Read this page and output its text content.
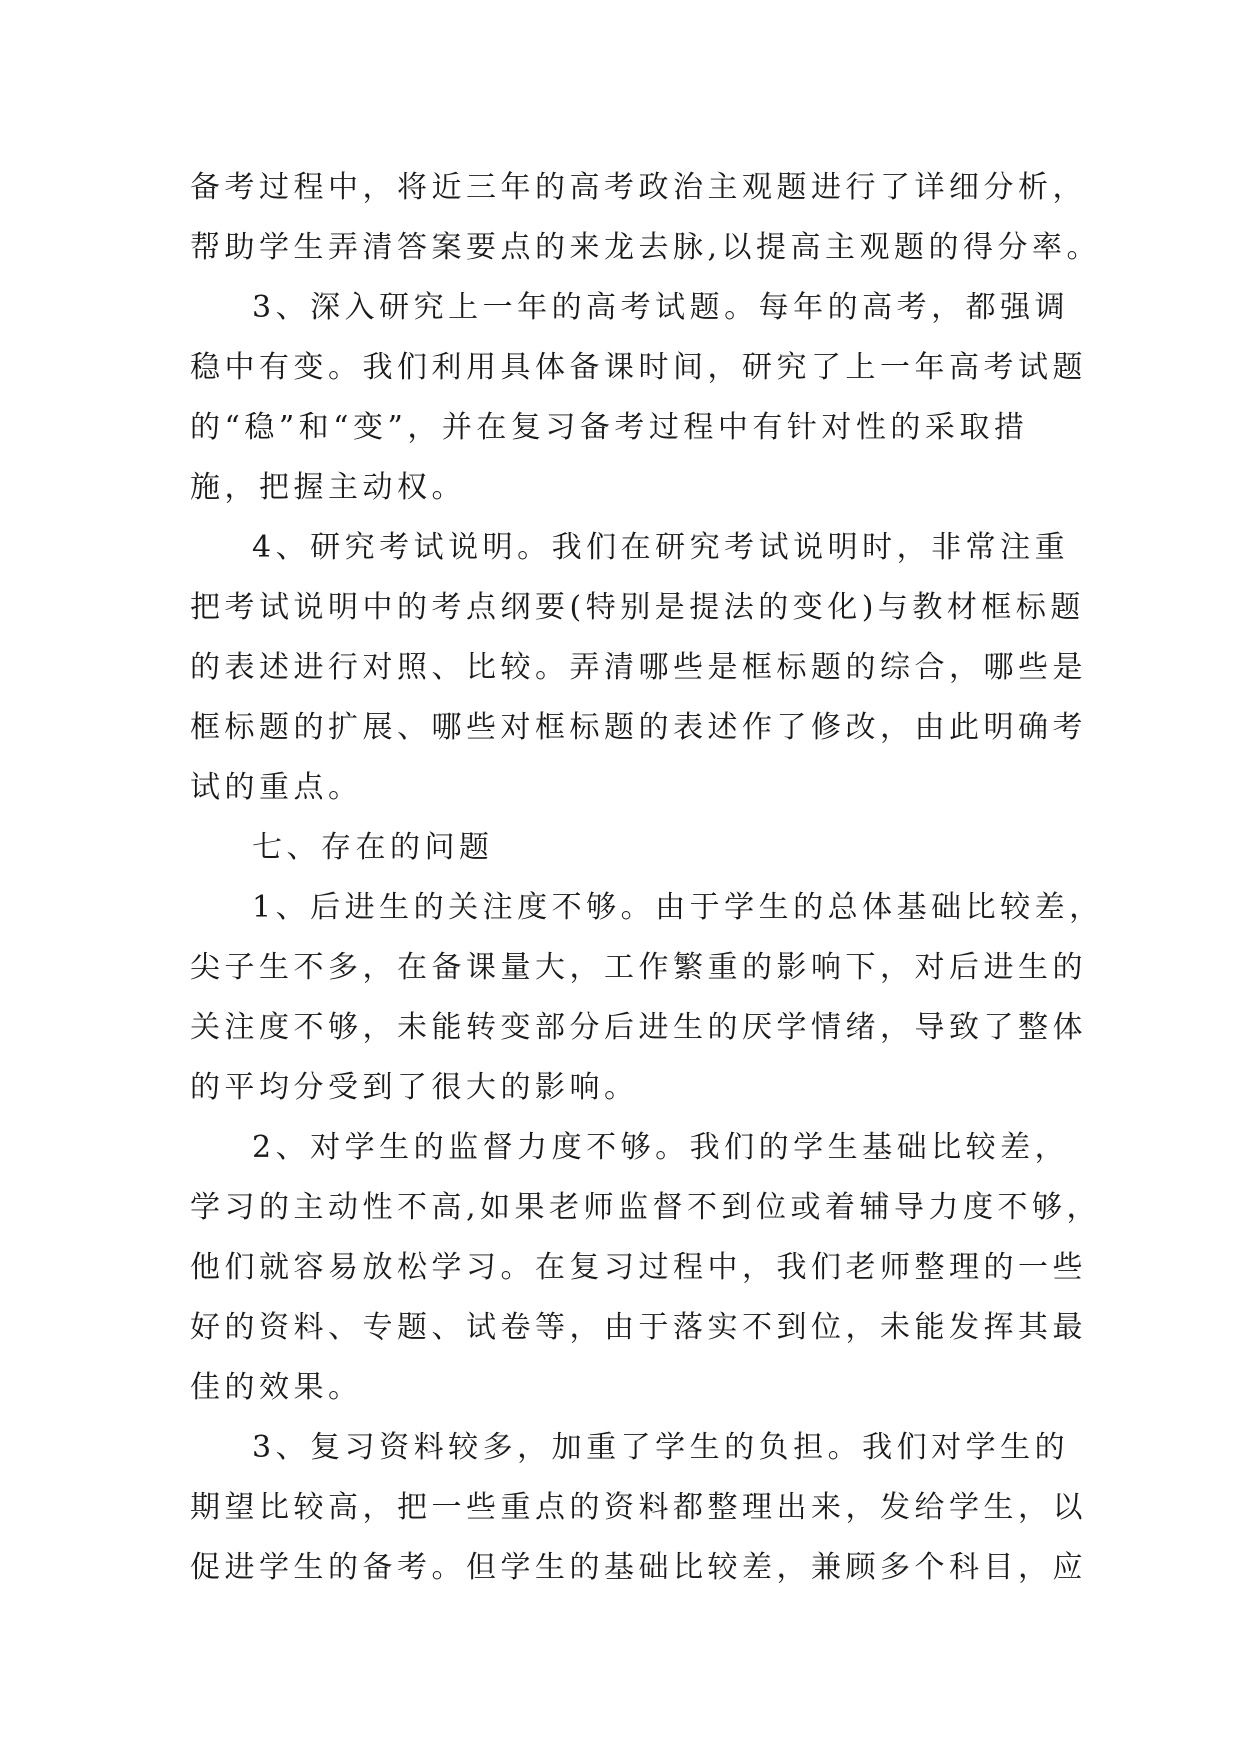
备考过程中，将近三年的高考政治主观题进行了详细分析，
帮助学生弄清答案要点的来龙去脉,以提高主观题的得分率。
3、深入研究上一年的高考试题。每年的高考，都强调
稳中有变。我们利用具体备课时间，研究了上一年高考试题
的“稳”和“变”，并在复习备考过程中有针对性的采取措
施，把握主动权。
4、研究考试说明。我们在研究考试说明时，非常注重
把考试说明中的考点纲要(特别是提法的变化)与教材框标题
的表述进行对照、比较。弄清哪些是框标题的综合，哪些是
框标题的扩展、哪些对框标题的表述作了修改，由此明确考
试的重点。
七、存在的问题
1、后进生的关注度不够。由于学生的总体基础比较差，
尖子生不多，在备课量大，工作繁重的影响下，对后进生的
关注度不够，未能转变部分后进生的厌学情绪，导致了整体
的平均分受到了很大的影响。
2、对学生的监督力度不够。我们的学生基础比较差，
学习的主动性不高,如果老师监督不到位或着辅导力度不够，
他们就容易放松学习。在复习过程中，我们老师整理的一些
好的资料、专题、试卷等，由于落实不到位，未能发挥其最
佳的效果。
3、复习资料较多，加重了学生的负担。我们对学生的
期望比较高，把一些重点的资料都整理出来，发给学生，以
促进学生的备考。但学生的基础比较差，兼顾多个科目，应
